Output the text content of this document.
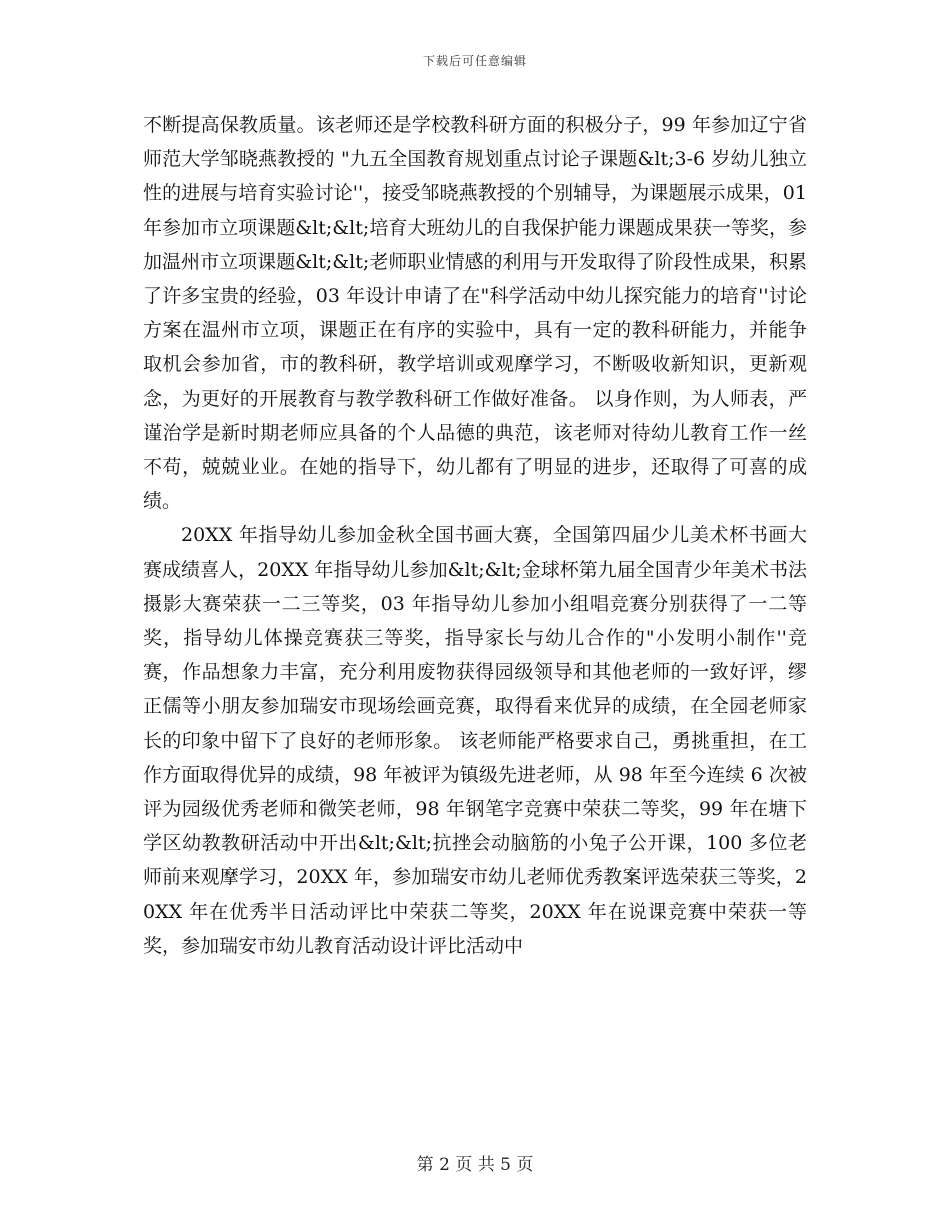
下载后可任意编辑

不断提高保教质量。该老师还是学校教科研方面的积极分子，99 年参加辽宁省师范大学邹晓燕教授的 "九五全国教育规划重点讨论子课题&lt;3-6 岁幼儿独立性的进展与培育实验讨论''，接受邹晓燕教授的个别辅导，为课题展示成果，01 年参加市立项课题&lt;&lt;培育大班幼儿的自我保护能力课题成果获一等奖，参加温州市立项课题&lt;&lt;老师职业情感的利用与开发取得了阶段性成果，积累了许多宝贵的经验，03 年设计申请了在"科学活动中幼儿探究能力的培育''讨论方案在温州市立项，课题正在有序的实验中，具有一定的教科研能力，并能争取机会参加省，市的教科研，教学培训或观摩学习，不断吸收新知识，更新观念，为更好的开展教育与教学教科研工作做好准备。 以身作则，为人师表，严谨治学是新时期老师应具备的个人品德的典范，该老师对待幼儿教育工作一丝不苟，兢兢业业。在她的指导下，幼儿都有了明显的进步，还取得了可喜的成绩。

20XX 年指导幼儿参加金秋全国书画大赛，全国第四届少儿美术杯书画大赛成绩喜人，20XX 年指导幼儿参加&lt;&lt;金球杯第九届全国青少年美术书法摄影大赛荣获一二三等奖，03 年指导幼儿参加小组唱竞赛分别获得了一二等奖，指导幼儿体操竞赛获三等奖，指导家长与幼儿合作的"小发明小制作''竞赛，作品想象力丰富，充分利用废物获得园级领导和其他老师的一致好评，缪正儒等小朋友参加瑞安市现场绘画竞赛，取得看来优异的成绩，在全园老师家长的印象中留下了良好的老师形象。 该老师能严格要求自己，勇挑重担，在工作方面取得优异的成绩，98 年被评为镇级先进老师，从 98 年至今连续 6 次被评为园级优秀老师和微笑老师，98 年钢笔字竞赛中荣获二等奖，99 年在塘下学区幼教教研活动中开出&lt;&lt;抗挫会动脑筋的小兔子公开课，100 多位老师前来观摩学习，20XX 年，参加瑞安市幼儿老师优秀教案评选荣获三等奖，20XX 年在优秀半日活动评比中荣获二等奖，20XX 年在说课竞赛中荣获一等奖，参加瑞安市幼儿教育活动设计评比活动中

第 2 页 共 5 页
